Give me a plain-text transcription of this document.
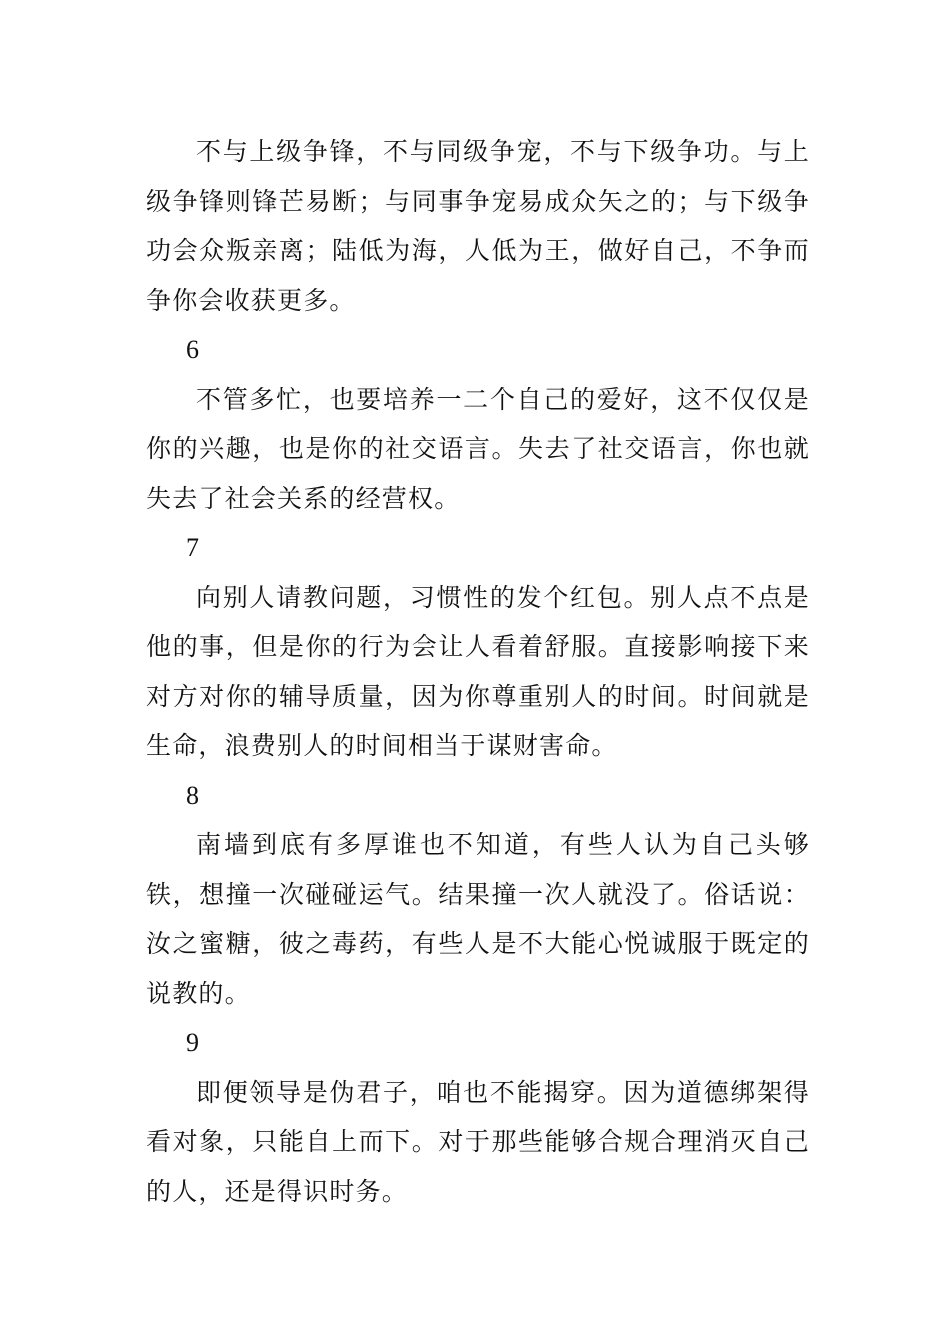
不与上级争锋，不与同级争宠，不与下级争功。与上级争锋则锋芒易断；与同事争宠易成众矢之的；与下级争功会众叛亲离；陆低为海，人低为王，做好自己，不争而争你会收获更多。

6

不管多忙，也要培养一二个自己的爱好，这不仅仅是你的兴趣，也是你的社交语言。失去了社交语言，你也就失去了社会关系的经营权。

7

向别人请教问题，习惯性的发个红包。别人点不点是他的事，但是你的行为会让人看着舒服。直接影响接下来对方对你的辅导质量，因为你尊重别人的时间。时间就是生命，浪费别人的时间相当于谋财害命。

8

南墙到底有多厚谁也不知道，有些人认为自己头够铁，想撞一次碰碰运气。结果撞一次人就没了。俗话说：汝之蜜糖，彼之毒药，有些人是不大能心悦诚服于既定的说教的。

9

即便领导是伪君子，咱也不能揭穿。因为道德绑架得看对象，只能自上而下。对于那些能够合规合理消灭自己的人，还是得识时务。
